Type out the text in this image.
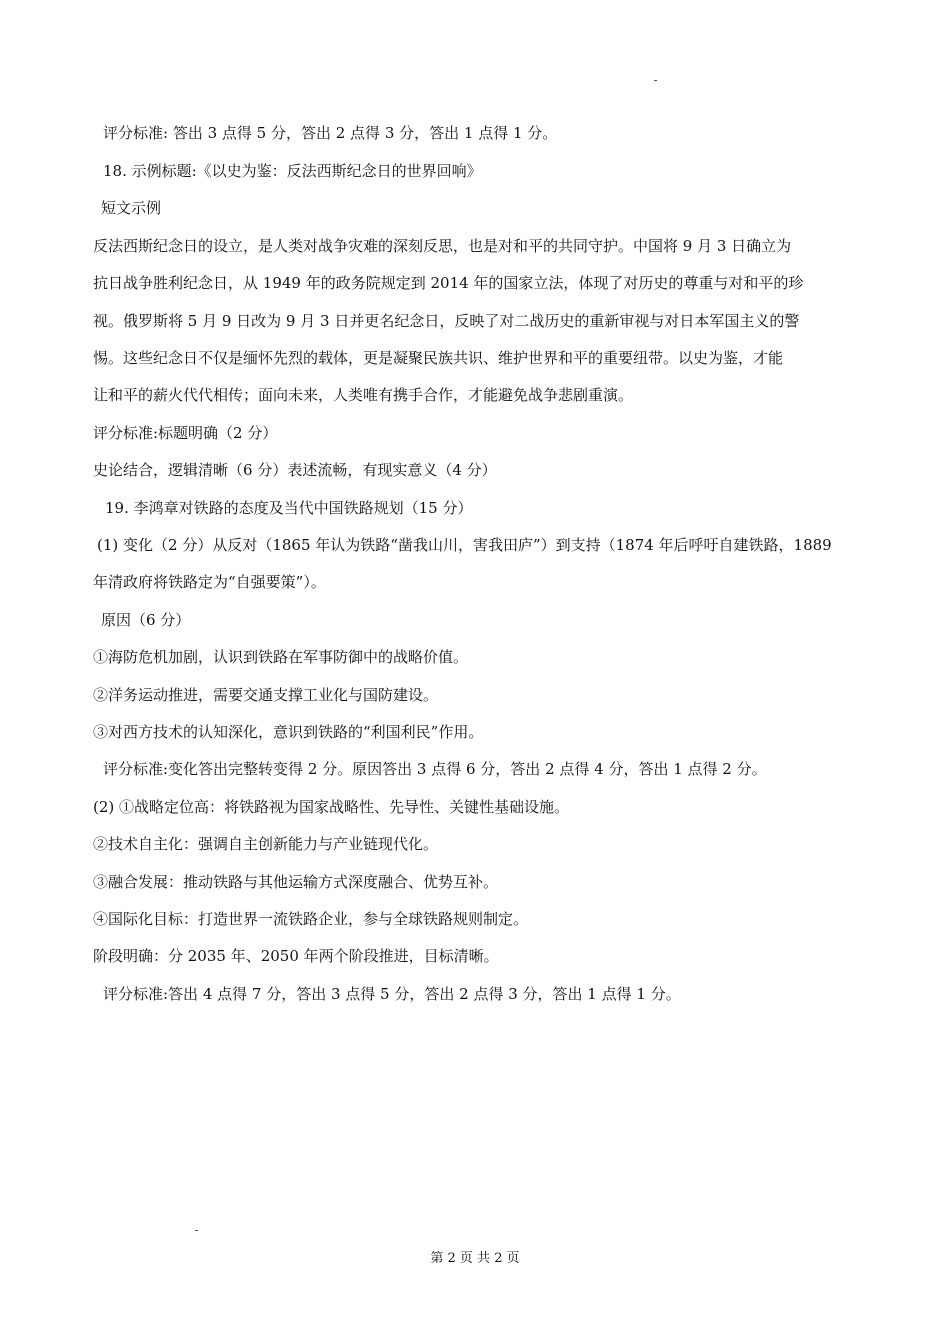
评分标准: 答出 3 点得 5 分，答出 2 点得 3 分，答出 1 点得 1 分。
18. 示例标题:《以史为鉴：反法西斯纪念日的世界回响》
短文示例
反法西斯纪念日的设立，是人类对战争灾难的深刻反思，也是对和平的共同守护。中国将 9 月 3 日确立为
抗日战争胜利纪念日，从 1949 年的政务院规定到 2014 年的国家立法，体现了对历史的尊重与对和平的珍
视。俄罗斯将 5 月 9 日改为 9 月 3 日并更名纪念日，反映了对二战历史的重新审视与对日本军国主义的警
惕。这些纪念日不仅是缅怀先烈的载体，更是凝聚民族共识、维护世界和平的重要纽带。以史为鉴，才能
让和平的薪火代代相传；面向未来，人类唯有携手合作，才能避免战争悲剧重演。
评分标准:标题明确（2 分）
史论结合，逻辑清晰（6 分）表述流畅，有现实意义（4 分）
19. 李鸿章对铁路的态度及当代中国铁路规划（15 分）
(1) 变化（2 分）从反对（1865 年认为铁路“凿我山川，害我田庐”）到支持（1874 年后呼吁自建铁路，1889
年清政府将铁路定为“自强要策”）。
原因（6 分）
①海防危机加剧，认识到铁路在军事防御中的战略价值。
②洋务运动推进，需要交通支撑工业化与国防建设。
③对西方技术的认知深化，意识到铁路的“利国利民”作用。
评分标准:变化答出完整转变得 2 分。原因答出 3 点得 6 分，答出 2 点得 4 分，答出 1 点得 2 分。
(2) ①战略定位高：将铁路视为国家战略性、先导性、关键性基础设施。
②技术自主化：强调自主创新能力与产业链现代化。
③融合发展：推动铁路与其他运输方式深度融合、优势互补。
④国际化目标：打造世界一流铁路企业，参与全球铁路规则制定。
阶段明确：分 2035 年、2050 年两个阶段推进，目标清晰。
评分标准:答出 4 点得 7 分，答出 3 点得 5 分，答出 2 点得 3 分，答出 1 点得 1 分。
第 2 页 共 2 页
